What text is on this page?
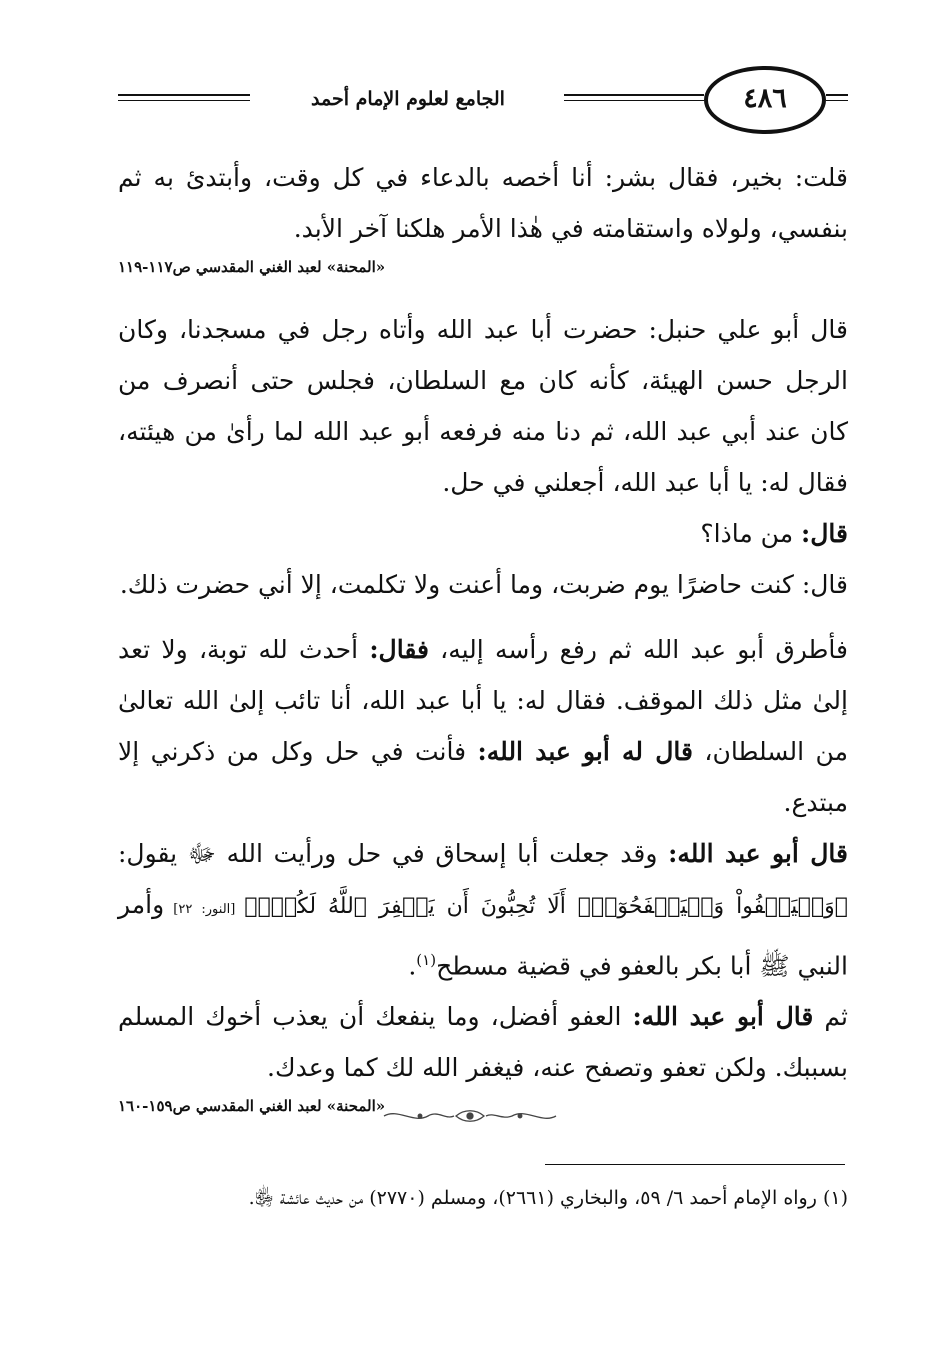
الجامع لعلوم الإمام أحمد	٤٨٦

قلت: بخير، فقال بشر: أنا أخصه بالدعاء في كل وقت، وأبتدئ به ثم بنفسي، ولولاه واستقامته في هٰذا الأمر هلكنا آخر الأبد.

«المحنة» لعبد الغني المقدسي ص١١٧-١١٩

قال أبو علي حنبل: حضرت أبا عبد الله وأتاه رجل في مسجدنا، وكان الرجل حسن الهيئة، كأنه كان مع السلطان، فجلس حتى أنصرف من كان عند أبي عبد الله، ثم دنا منه فرفعه أبو عبد الله لما رأىٰ من هيئته، فقال له: يا أبا عبد الله، أجعلني في حل.

قال: من ماذا؟

قال: كنت حاضرًا يوم ضربت، وما أعنت ولا تكلمت، إلا أني حضرت ذلك.

فأطرق أبو عبد الله ثم رفع رأسه إليه، فقال: أحدث لله توبة، ولا تعد إلىٰ مثل ذلك الموقف. فقال له: يا أبا عبد الله، أنا تائب إلىٰ الله تعالىٰ من السلطان، قال له أبو عبد الله: فأنت في حل وكل من ذكرني إلا مبتدع.

قال أبو عبد الله: وقد جعلت أبا إسحاق في حل ورأيت الله ﷻ يقول: ﴿وَلۡيَعۡفُواْ وَلۡيَصۡفَحُوٓاْۗ أَلَا تُحِبُّونَ أَن يَغۡفِرَ ٱللَّهُ لَكُمۡۚ﴾ [النور: ٢٢] وأمر النبي ﷺ أبا بكر بالعفو في قضية مسطح$^{(١)}$.

ثم قال أبو عبد الله: العفو أفضل، وما ينفعك أن يعذب أخوك المسلم بسببك. ولكن تعفو وتصفح عنه، فيغفر الله لك كما وعدك.

«المحنة» لعبد الغني المقدسي ص١٥٩-١٦٠
(١) رواه الإمام أحمد ٦/ ٥٩، والبخاري (٢٦٦١)، ومسلم (٢٧٧٠) من حديث عائشة ﵂.
